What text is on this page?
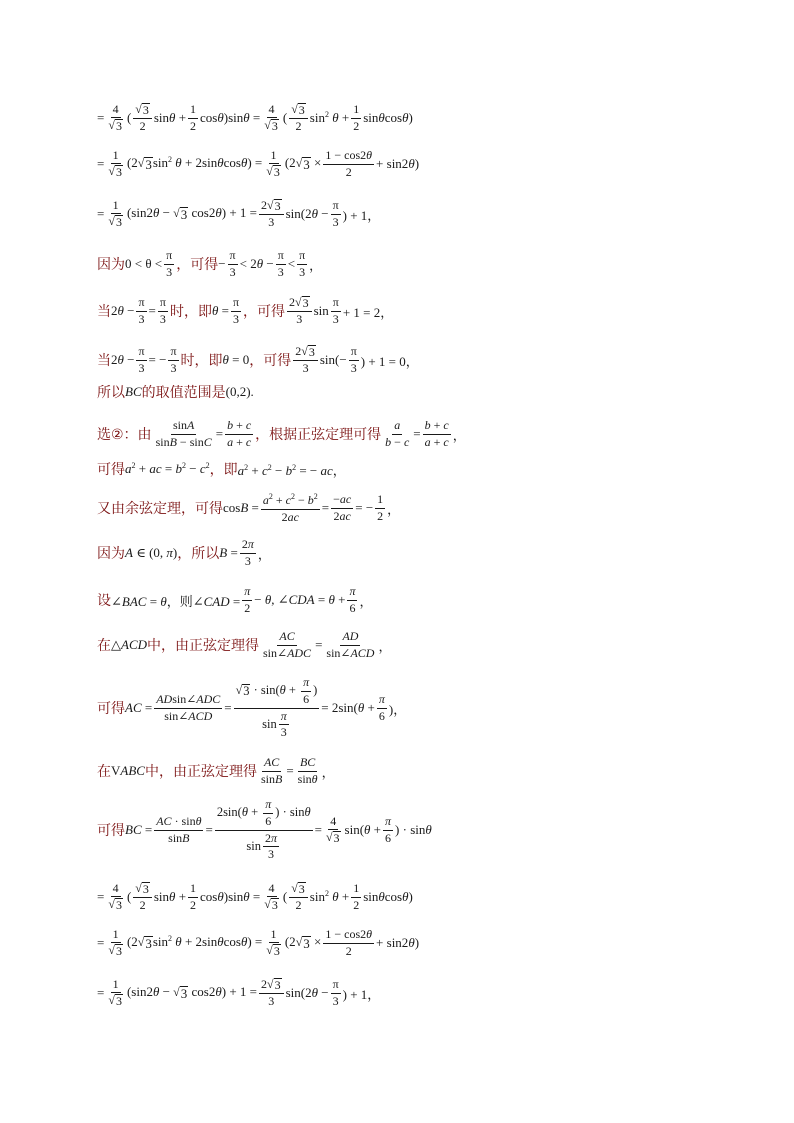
= $\frac{4}{√ 3}$ ( $\frac{√ 3}{2}$ $\sin\theta + \frac{1}{2} \cos\theta)\sin\theta = \frac{4}{√ 3}$ ( $\frac{√ 3}{2} \sin^2 \theta + \frac{1}{2} \sin\theta\cos\theta$)
= $\frac{1}{√ 3} (2$ √ 3 $\sin^2 \theta + 2\sin\theta\cos\theta) = \frac{1}{√ 3} (2$ √ $3 \times \frac{1 - \cos 2\theta}{2} + \sin 2\theta$)
= $\frac{1}{√ 3} (\sin 2\theta$ − √ 3 $\cos 2\theta) + 1 = \frac{2 √ 3}{3} \sin(2\theta - \frac{\pi}{3}$ ) + 1，
因为 $0 < \theta < \frac{\pi}{3}$ ，可得 − $\frac{\pi}{3} < 2\theta - \frac{\pi}{3} < \frac{\pi}{3}$ ，
当 $2\theta - \frac{\pi}{3} = \frac{\pi}{3}$ 时，即 $\theta = \frac{\pi}{3}$ ，可得 $\frac{2 √ 3}{3}$ $\sin \frac{\pi}{3} + 1 = 2$，
当 $2\theta - \frac{\pi}{3}$ = − $\frac{\pi}{3}$ 时，即 θ = 0 ，可得 $\frac{2 √ 3}{3} \sin(- \frac{\pi}{3}$ ) + 1 = 0，
所以 BC 的取值范围是 (0,2) .
选②：由 $\frac{\sin A}{\sin B - \sin C} = \frac{b + c}{a + c}$ ，根据正弦定理可得 $\frac{a}{b - c} = \frac{b + c}{a + c}$ ，
可得 $a^2$ + ac = $b^2 - c^2$ ，即 $a^2 + c^2 - b^2$ = − ac，
又由余弦定理，可得 $\cos B = \frac{a^2 + c^2 - b^2}{2ac} = \frac{-ac}{2ac}$ = − $\frac{1}{2}$ ，
因为 A ∈ (0, π) ，所以 $B = \frac{2\pi}{3}$ ，
设 ∠BAC = θ，则∠CAD = $\frac{\pi}{2} - \theta$, ∠CDA = $\theta + \frac{\pi}{6}$ ，
在 △ACD 中，由正弦定理得 $\frac{AC}{\text{sin∠ADC}} = \frac{AD}{\text{sin∠ACD}}$ ，
可得 AC = $\frac{\text{ADsin∠ADC}}{\text{sin∠ACD}} = \frac{√ 3 \cdot \sin(\theta + \frac{\pi}{6} )}{\sin \frac{\pi}{3}} = 2\sin(\theta + \frac{\pi}{6}$ )，
在 VABC 中，由正弦定理得 $\frac{AC}{\sin B} = \frac{BC}{\sin\theta}$ ，
可得 BC = $\frac{AC \cdot \sin\theta}{\sin B} = \frac{2\sin(\theta + \frac{\pi}{6} ) \cdot \sin\theta}{\sin \frac{2\pi}{3}} = \frac{4}{√ 3} \sin(\theta + \frac{\pi}{6}$ ) · sinθ
= $\frac{4}{√ 3}$ ( $\frac{√ 3}{2}$ $\sin\theta + \frac{1}{2} \cos\theta)\sin\theta = \frac{4}{√ 3}$ ( $\frac{√ 3}{2} \sin^2 \theta + \frac{1}{2} \sin\theta\cos\theta$)
= $\frac{1}{√ 3} (2$ √ 3 $\sin^2 \theta + 2\sin\theta\cos\theta) = \frac{1}{√ 3} (2$ √ $3 \times \frac{1 - \cos 2\theta}{2} + \sin 2\theta$)
= $\frac{1}{√ 3} (\sin 2\theta$ − √ 3 $\cos 2\theta) + 1 = \frac{2 √ 3}{3} \sin(2\theta - \frac{\pi}{3}$ ) + 1，
